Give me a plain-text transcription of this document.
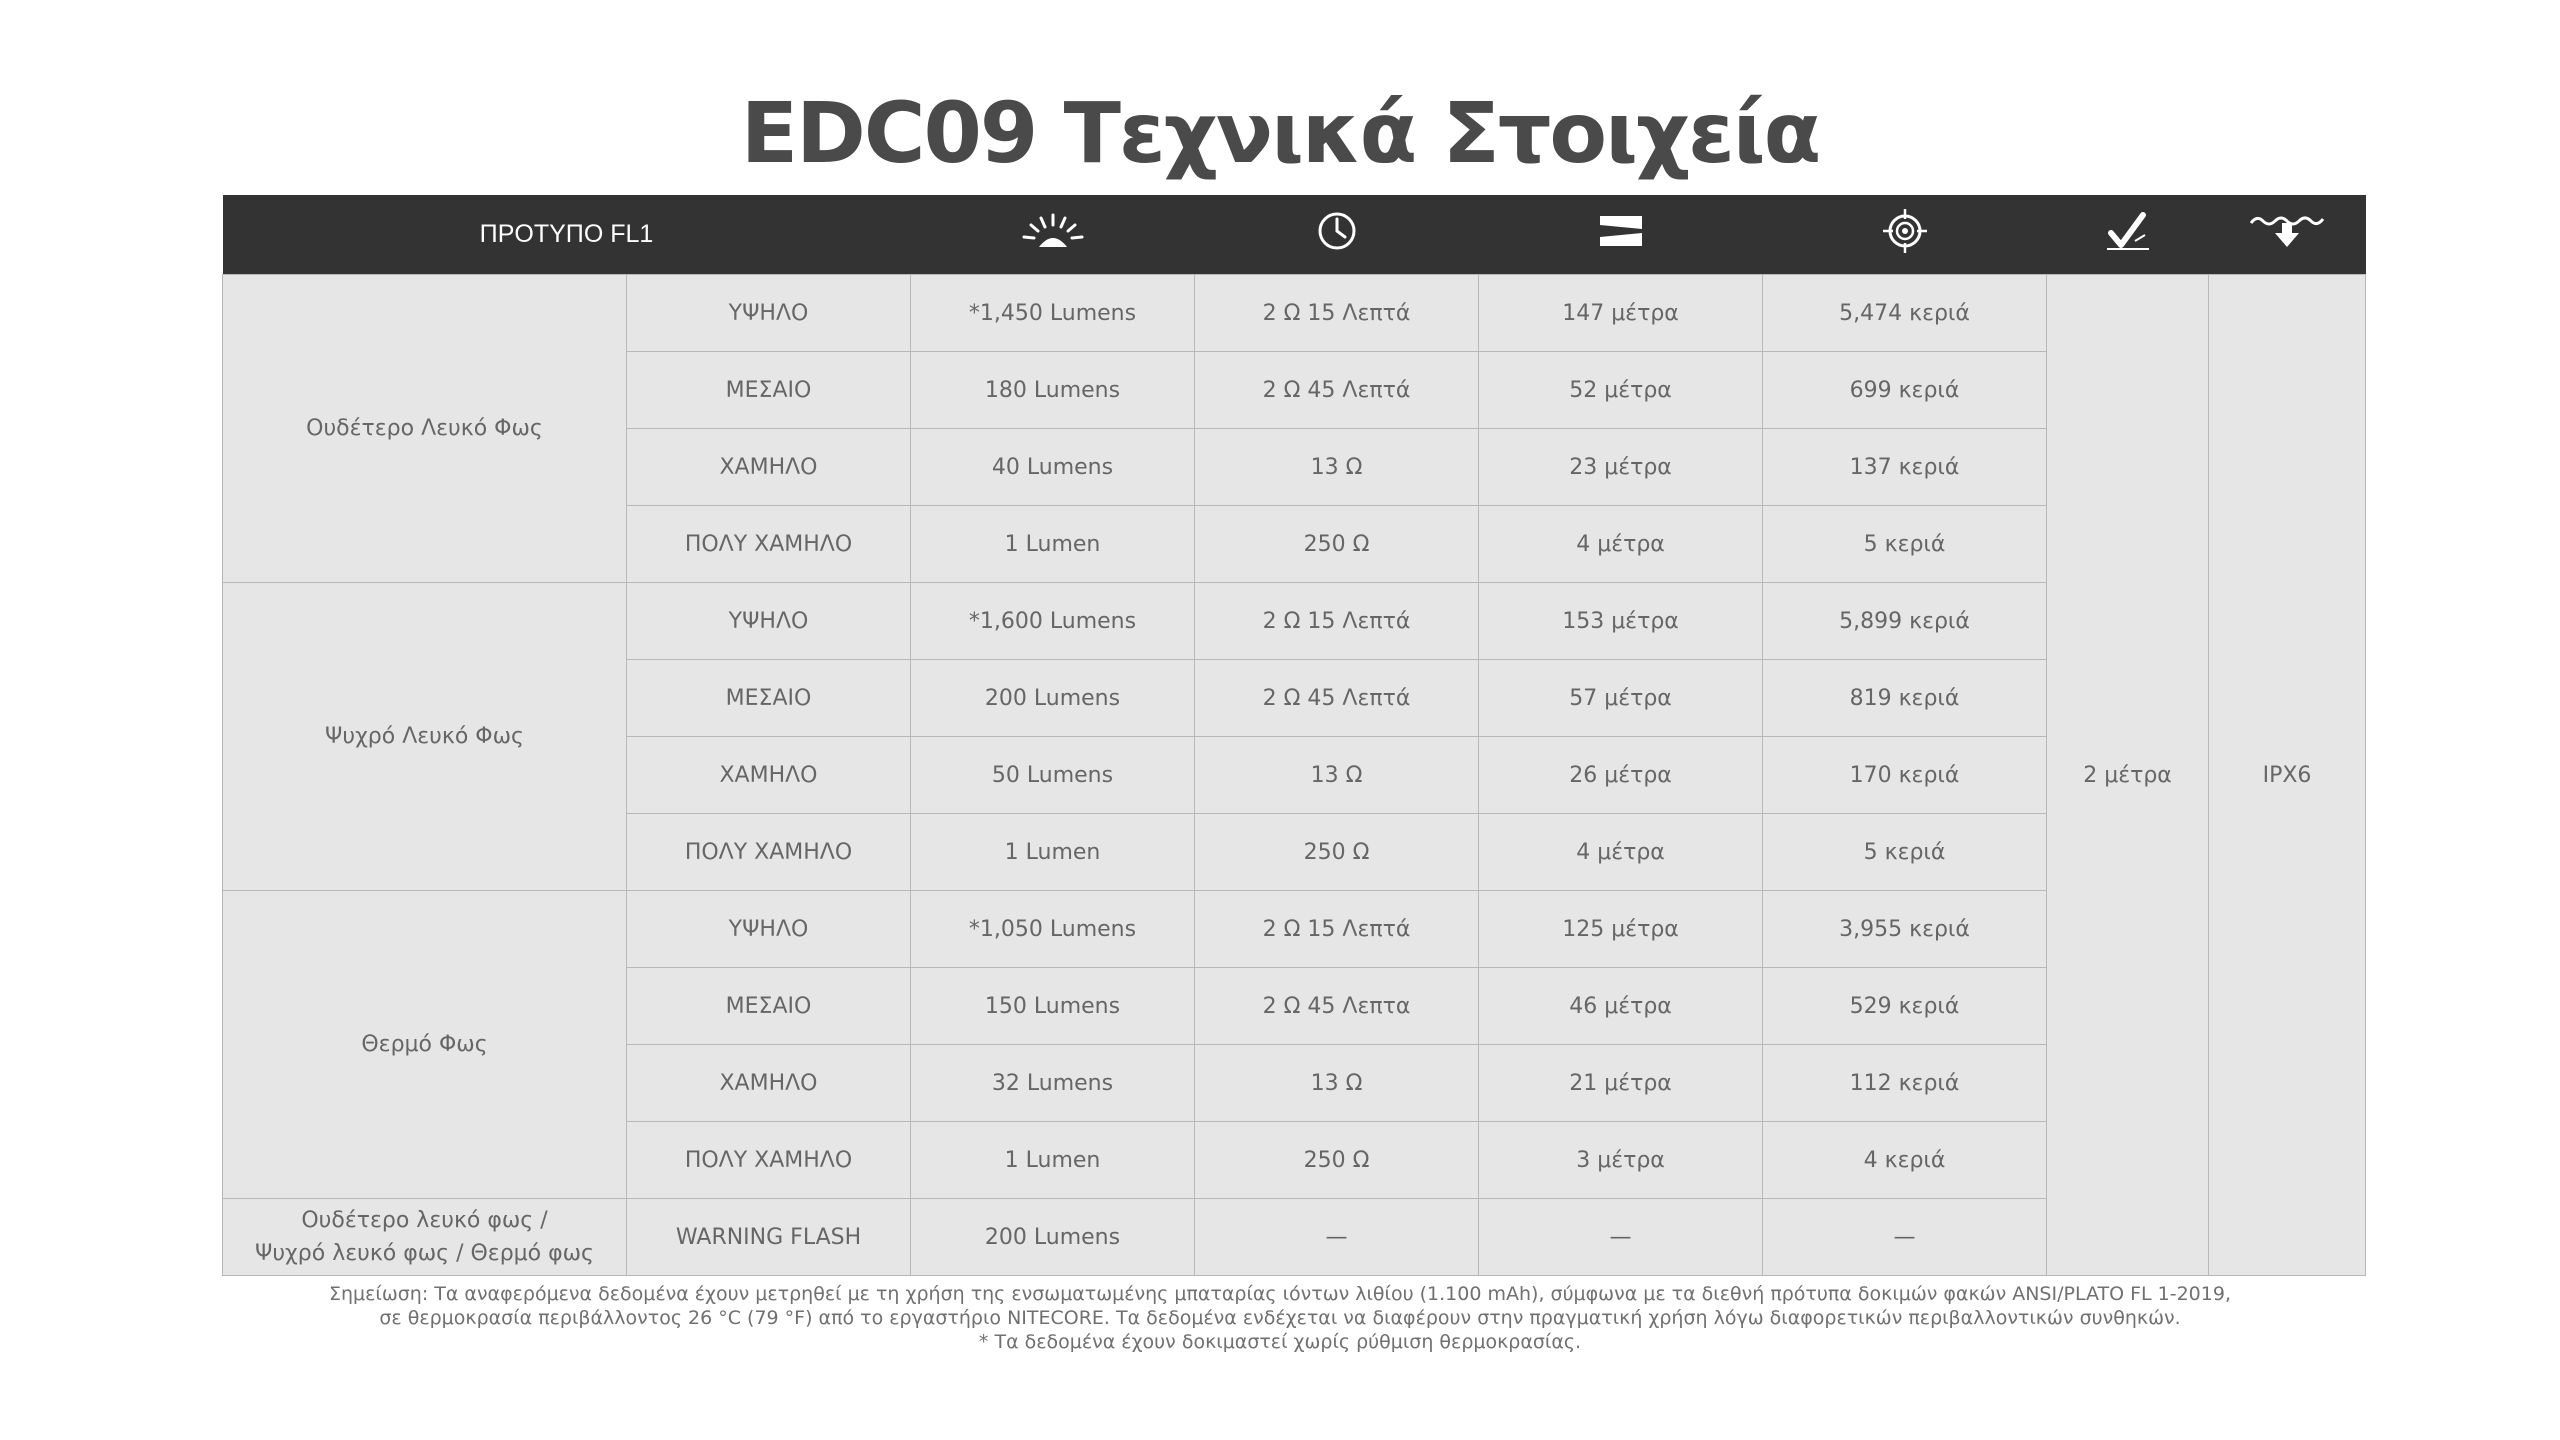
EDC09 Τεχνικά Στοιχεία
ΠΡΟΤΥΠΟ FL1						
Ουδέτερο Λευκό Φως	ΥΨΗΛΟ	*1,450 Lumens	2 Ω 15 Λεπτά	147 μέτρα	5,474 κεριά	2 μέτρα	IPX6
	ΜΕΣΑΙΟ	180 Lumens	2 Ω 45 Λεπτά	52 μέτρα	699 κεριά		
	ΧΑΜΗΛΟ	40 Lumens	13 Ω	23 μέτρα	137 κεριά		
	ΠΟΛΥ ΧΑΜΗΛΟ	1 Lumen	250 Ω	4 μέτρα	5 κεριά		
Ψυχρό Λευκό Φως	ΥΨΗΛΟ	*1,600 Lumens	2 Ω 15 Λεπτά	153 μέτρα	5,899 κεριά		
	ΜΕΣΑΙΟ	200 Lumens	2 Ω 45 Λεπτά	57 μέτρα	819 κεριά		
	ΧΑΜΗΛΟ	50 Lumens	13 Ω	26 μέτρα	170 κεριά		
	ΠΟΛΥ ΧΑΜΗΛΟ	1 Lumen	250 Ω	4 μέτρα	5 κεριά		
Θερμό Φως	ΥΨΗΛΟ	*1,050 Lumens	2 Ω 15 Λεπτά	125 μέτρα	3,955 κεριά		
	ΜΕΣΑΙΟ	150 Lumens	2 Ω 45 Λεπτα	46 μέτρα	529 κεριά		
	ΧΑΜΗΛΟ	32 Lumens	13 Ω	21 μέτρα	112 κεριά		
	ΠΟΛΥ ΧΑΜΗΛΟ	1 Lumen	250 Ω	3 μέτρα	4 κεριά		

Ουδέτερο λευκό φως /
Ψυχρό λευκό φως / Θερμό φως	WARNING FLASH	200 Lumens	—	—	—		
Σημείωση: Τα αναφερόμενα δεδομένα έχουν μετρηθεί με τη χρήση της ενσωματωμένης μπαταρίας ιόντων λιθίου (1.100 mAh), σύμφωνα με τα διεθνή πρότυπα δοκιμών φακών ANSI/PLATO FL 1-2019,
σε θερμοκρασία περιβάλλοντος 26 °C (79 °F) από το εργαστήριο NITECORE. Τα δεδομένα ενδέχεται να διαφέρουν στην πραγματική χρήση λόγω διαφορετικών περιβαλλοντικών συνθηκών.
* Τα δεδομένα έχουν δοκιμαστεί χωρίς ρύθμιση θερμοκρασίας.
